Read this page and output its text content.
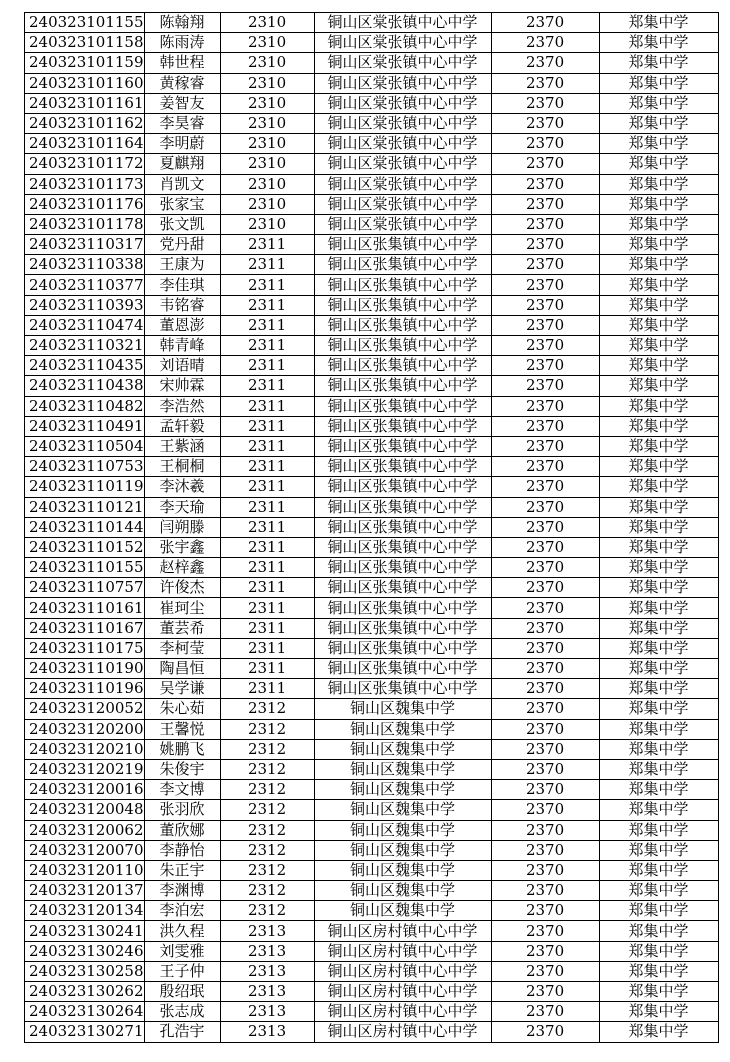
240323101155	陈翰翔	2310	铜山区棠张镇中心中学	2370	郑集中学
240323101158	陈雨涛	2310	铜山区棠张镇中心中学	2370	郑集中学
240323101159	韩世程	2310	铜山区棠张镇中心中学	2370	郑集中学
240323101160	黄稼睿	2310	铜山区棠张镇中心中学	2370	郑集中学
240323101161	姜智友	2310	铜山区棠张镇中心中学	2370	郑集中学
240323101162	李昊睿	2310	铜山区棠张镇中心中学	2370	郑集中学
240323101164	李明蔚	2310	铜山区棠张镇中心中学	2370	郑集中学
240323101172	夏麒翔	2310	铜山区棠张镇中心中学	2370	郑集中学
240323101173	肖凯文	2310	铜山区棠张镇中心中学	2370	郑集中学
240323101176	张家宝	2310	铜山区棠张镇中心中学	2370	郑集中学
240323101178	张文凯	2310	铜山区棠张镇中心中学	2370	郑集中学
240323110317	党丹甜	2311	铜山区张集镇中心中学	2370	郑集中学
240323110338	王康为	2311	铜山区张集镇中心中学	2370	郑集中学
240323110377	李佳琪	2311	铜山区张集镇中心中学	2370	郑集中学
240323110393	韦铭睿	2311	铜山区张集镇中心中学	2370	郑集中学
240323110474	董恩澎	2311	铜山区张集镇中心中学	2370	郑集中学
240323110321	韩青峰	2311	铜山区张集镇中心中学	2370	郑集中学
240323110435	刘语晴	2311	铜山区张集镇中心中学	2370	郑集中学
240323110438	宋帅霖	2311	铜山区张集镇中心中学	2370	郑集中学
240323110482	李浩然	2311	铜山区张集镇中心中学	2370	郑集中学
240323110491	孟轩毅	2311	铜山区张集镇中心中学	2370	郑集中学
240323110504	王紫涵	2311	铜山区张集镇中心中学	2370	郑集中学
240323110753	王桐桐	2311	铜山区张集镇中心中学	2370	郑集中学
240323110119	李沐羲	2311	铜山区张集镇中心中学	2370	郑集中学
240323110121	李天瑜	2311	铜山区张集镇中心中学	2370	郑集中学
240323110144	闫朔滕	2311	铜山区张集镇中心中学	2370	郑集中学
240323110152	张宇鑫	2311	铜山区张集镇中心中学	2370	郑集中学
240323110155	赵梓鑫	2311	铜山区张集镇中心中学	2370	郑集中学
240323110757	许俊杰	2311	铜山区张集镇中心中学	2370	郑集中学
240323110161	崔珂尘	2311	铜山区张集镇中心中学	2370	郑集中学
240323110167	董芸希	2311	铜山区张集镇中心中学	2370	郑集中学
240323110175	李柯莹	2311	铜山区张集镇中心中学	2370	郑集中学
240323110190	陶昌恒	2311	铜山区张集镇中心中学	2370	郑集中学
240323110196	吴学谦	2311	铜山区张集镇中心中学	2370	郑集中学
240323120052	朱心茹	2312	铜山区魏集中学	2370	郑集中学
240323120200	王馨悦	2312	铜山区魏集中学	2370	郑集中学
240323120210	姚鹏飞	2312	铜山区魏集中学	2370	郑集中学
240323120219	朱俊宇	2312	铜山区魏集中学	2370	郑集中学
240323120016	李文博	2312	铜山区魏集中学	2370	郑集中学
240323120048	张羽欣	2312	铜山区魏集中学	2370	郑集中学
240323120062	董欣娜	2312	铜山区魏集中学	2370	郑集中学
240323120070	李静怡	2312	铜山区魏集中学	2370	郑集中学
240323120110	朱正宇	2312	铜山区魏集中学	2370	郑集中学
240323120137	李渊博	2312	铜山区魏集中学	2370	郑集中学
240323120134	李泊宏	2312	铜山区魏集中学	2370	郑集中学
240323130241	洪久程	2313	铜山区房村镇中心中学	2370	郑集中学
240323130246	刘雯雅	2313	铜山区房村镇中心中学	2370	郑集中学
240323130258	王子仲	2313	铜山区房村镇中心中学	2370	郑集中学
240323130262	殷绍珉	2313	铜山区房村镇中心中学	2370	郑集中学
240323130264	张志成	2313	铜山区房村镇中心中学	2370	郑集中学
240323130271	孔浩宇	2313	铜山区房村镇中心中学	2370	郑集中学
